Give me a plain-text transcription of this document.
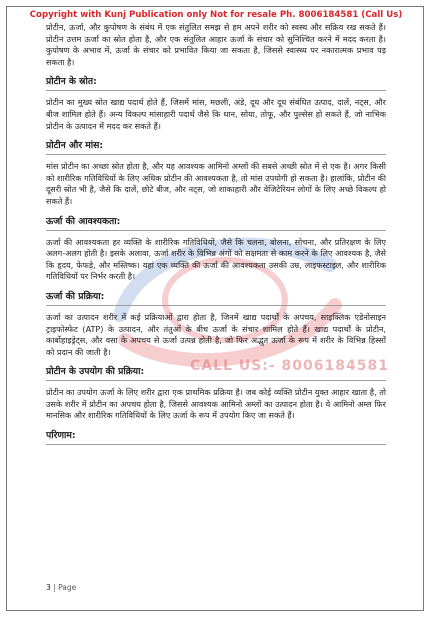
Copyright with Kunj Publication only Not for resale Ph. 8006184581 (Call Us)
CALL US:- 8006184581

प्रोटीन, ऊर्जा, और कुपोषण के संबंध में एक संतुलित समझ से हम अपने शरीर को स्वस्थ और सक्रिय रख सकते हैं। प्रोटीन उत्तम ऊर्जा का स्रोत होता है, और एक संतुलित आहार ऊर्जा के संचार को सुनिश्चित करने में मदद करता है। कुपोषण के अभाव में, ऊर्जा के संचार को प्रभावित किया जा सकता है, जिससे स्वास्थ्य पर नकारात्मक प्रभाव पड़ सकता है।

प्रोटीन के स्रोत:

प्रोटीन का मुख्य स्रोत खाद्य पदार्थ होते हैं, जिसमें मांस, मछली, अंडे, दूध और दूध संबंधित उत्पाद, दालें, नट्स, और बीज शामिल होते हैं। अन्य विकल्प मांसाहारी पदार्थ जैसे कि धान, सोया, तोफू, और पुल्सेस हो सकते हैं, जो नाभिक प्रोटीन के उत्पादन में मदद कर सकते हैं।

प्रोटीन और मांस:

मांस प्रोटीन का अच्छा स्रोत होता है, और यह आवश्यक आमिनो अम्लों की सबसे अच्छी स्रोत में से एक है। अगर किसी को शारीरिक गतिविधियों के लिए अधिक प्रोटीन की आवश्यकता है, तो मांस उपयोगी हो सकता है। हालांकि, प्रोटीन की दूसरी स्रोत भी है, जैसे कि दालें, छोटे बीज, और नट्स, जो शाकाहारी और वेजिटेरियन लोगों के लिए अच्छे विकल्प हो सकते हैं।

ऊर्जा की आवश्यकता:

ऊर्जा की आवश्यकता हर व्यक्ति के शारीरिक गतिविधियों, जैसे कि चलना, बोलना, सोचना, और प्रतिरक्षण के लिए अलग-अलग होती है। इसके अलावा, ऊर्जा शरीर के विभिन्न अंगों को सक्षमता से काम करने के लिए आवश्यक है, जैसे कि हृदय, फेफड़े, और मस्तिष्क। यहां एक व्यक्ति की ऊर्जा की आवश्यकता उसकी उम्र, लाइफस्टाइल, और शारीरिक गतिविधियों पर निर्भर करती है।

ऊर्जा की प्रक्रिया:

ऊर्जा का उत्पादन शरीर में कई प्रक्रियाओं द्वारा होता है, जिनमें खाद्य पदार्थों के अपचय, साइक्लिक एडेनोसाइन ट्राइफोस्फेट (ATP) के उत्पादन, और तंतुओं के बीच ऊर्जा के संचार शामिल होते हैं। खाद्य पदार्थों के प्रोटीन, कार्बोहाइड्रेट्स, और वसा के अपचय से ऊर्जा उत्पन्न होती है, जो फिर अद्भुत ऊर्जा के रूप में शरीर के विभिन्न हिस्सों को प्रदान की जाती है।

प्रोटीन के उपयोग की प्रक्रिया:

प्रोटीन का उपयोग ऊर्जा के लिए शरीर द्वारा एक प्राथमिक प्रक्रिया है। जब कोई व्यक्ति प्रोटीन युक्त आहार खाता है, तो उसके शरीर में प्रोटीन का अपचय होता है, जिससे आवश्यक आमिनो अम्लों का उत्पादन होता है। ये आमिनो अम्ल फिर मानसिक और शारीरिक गतिविधियों के लिए ऊर्जा के रूप में उपयोग किए जा सकते हैं।

परिणाम:
3 | Page
